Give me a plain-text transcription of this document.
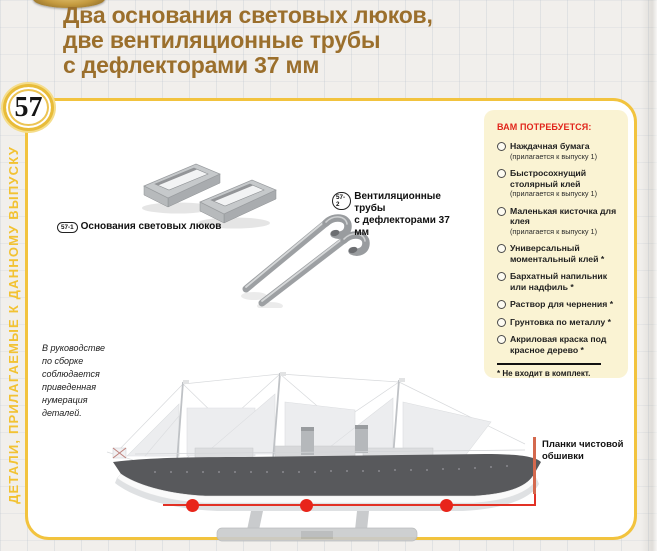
Два основания световых люков,
две вентиляционные трубы
с дефлекторами 37 мм
57
ДЕТАЛИ, ПРИЛАГАЕМЫЕ К ДАННОМУ ВЫПУСКУ	57-1 Основания световых люков
57-2
Вентиляционные трубы
с дефлекторами 37 мм
В руководстве по сборке соблюдается приведенная нумерация деталей.
Планки чистовой обшивки
ВАМ ПОТРЕБУЕТСЯ:
Наждачная бумага
(прилагается к выпуску 1)
Быстросохнущий столярный клей
(прилагается к выпуску 1)
Маленькая кисточка для клея
(прилагается к выпуску 1)
Универсальный моментальный клей *
Бархатный напильник или надфиль *
Раствор для чернения *
Грунтовка по металлу *
Акриловая краска под красное дерево *
* Не входит в комплект.
